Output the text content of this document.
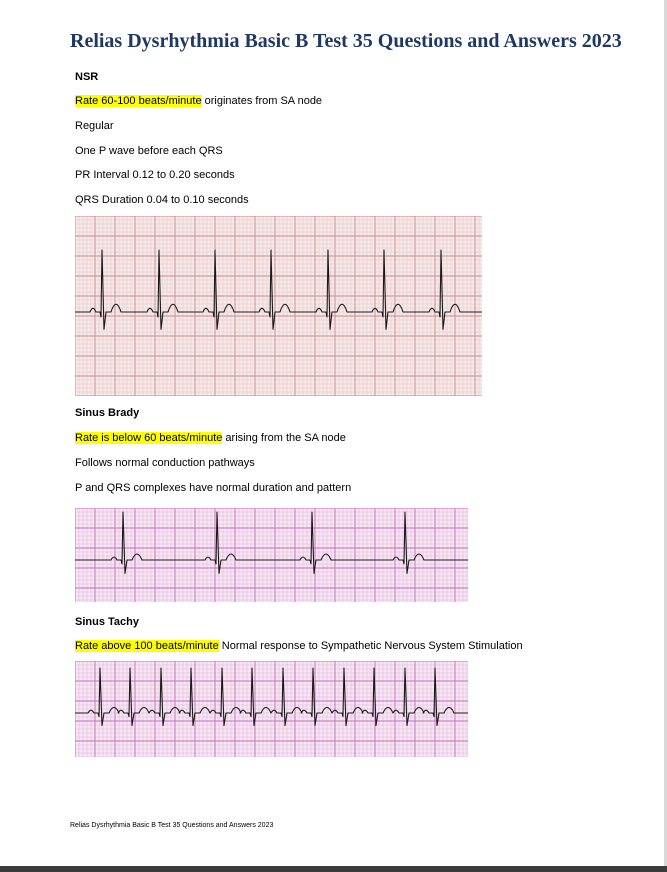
Relias Dysrhythmia Basic B Test 35 Questions and Answers 2023
NSR
Rate 60-100 beats/minute originates from SA node
Regular
One P wave before each QRS
PR Interval 0.12 to 0.20 seconds
QRS Duration 0.04 to 0.10 seconds
Sinus Brady
Rate is below 60 beats/minute arising from the SA node
Follows normal conduction pathways
P and QRS complexes have normal duration and pattern
Sinus Tachy
Rate above 100 beats/minute Normal response to Sympathetic Nervous System Stimulation
Relias Dysrhythmia Basic B Test 35 Questions and Answers 2023
